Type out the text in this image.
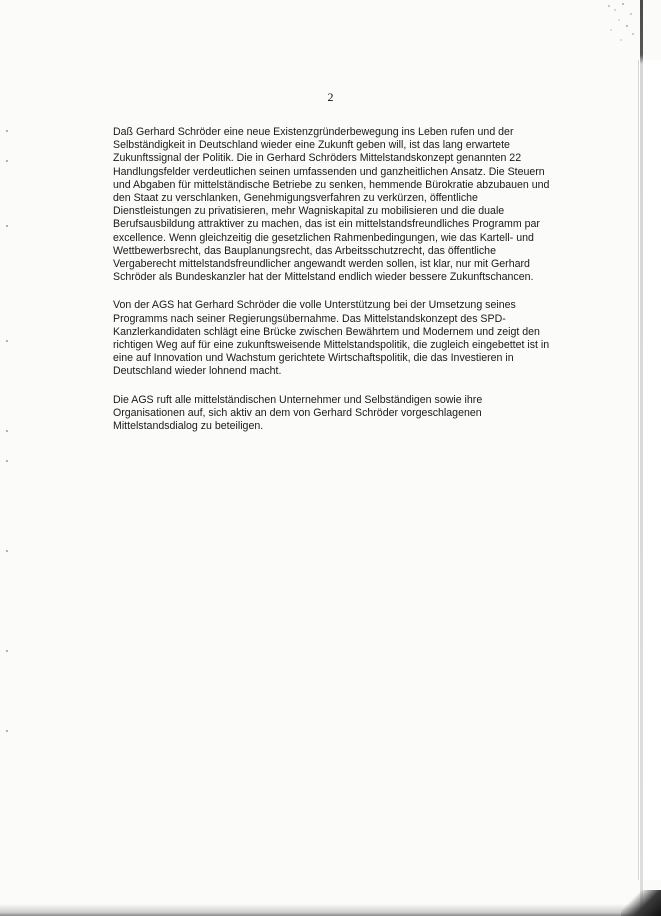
2

Daß Gerhard Schröder eine neue Existenzgründerbewegung ins Leben rufen und der Selbständigkeit in Deutschland wieder eine Zukunft geben will, ist das lang erwartete Zukunftssignal der Politik. Die in Gerhard Schröders Mittelstandskonzept genannten 22 Handlungsfelder verdeutlichen seinen umfassenden und ganzheitlichen Ansatz. Die Steuern und Abgaben für mittelständische Betriebe zu senken, hemmende Bürokratie abzubauen und den Staat zu verschlanken, Genehmigungsverfahren zu verkürzen, öffentliche Dienstleistungen zu privatisieren, mehr Wagniskapital zu mobilisieren und die duale Berufsausbildung attraktiver zu machen, das ist ein mittelstandsfreundliches Programm par excellence. Wenn gleichzeitig die gesetzlichen Rahmenbedingungen, wie das Kartell- und Wettbewerbsrecht, das Bauplanungsrecht, das Arbeitsschutzrecht, das öffentliche Vergaberecht mittelstandsfreundlicher angewandt werden sollen, ist klar, nur mit Gerhard Schröder als Bundeskanzler hat der Mittelstand endlich wieder bessere Zukunftschancen.

Von der AGS hat Gerhard Schröder die volle Unterstützung bei der Umsetzung seines Programms nach seiner Regierungsübernahme. Das Mittelstandskonzept des SPD-Kanzlerkandidaten schlägt eine Brücke zwischen Bewährtem und Modernem und zeigt den richtigen Weg auf für eine zukunftsweisende Mittelstandspolitik, die zugleich eingebettet ist in eine auf Innovation und Wachstum gerichtete Wirtschaftspolitik, die das Investieren in Deutschland wieder lohnend macht.

Die AGS ruft alle mittelständischen Unternehmer und Selbständigen sowie ihre Organisationen auf, sich aktiv an dem von Gerhard Schröder vorgeschlagenen Mittelstandsdialog zu beteiligen.
